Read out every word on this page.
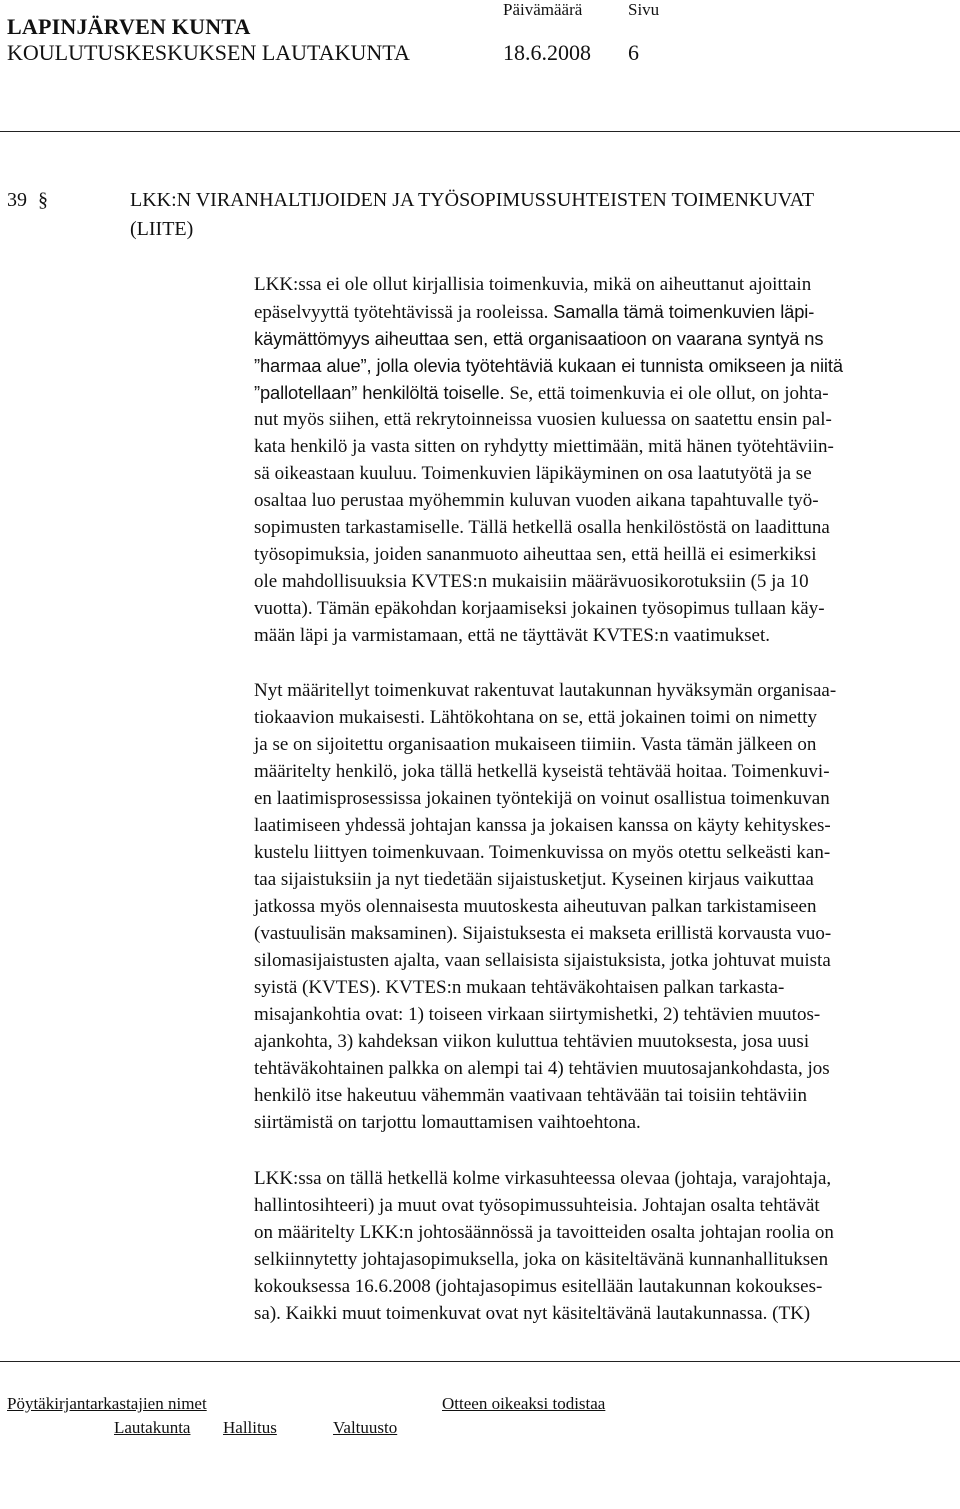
Päivämäärä	Sivu
LAPINJÄRVEN KUNTA
KOULUTUSKESKUKSEN LAUTAKUNTA	18.6.2008 6
39 §	LKK:N VIRANHALTIJOIDEN JA TYÖSOPIMUSSUHTEISTEN TOIMENKUVAT
(LIITE)
LKK:ssa ei ole ollut kirjallisia toimenkuvia, mikä on aiheuttanut ajoittain
epäselvyyttä työtehtävissä ja rooleissa. Samalla tämä toimenkuvien läpi-
käymättömyys aiheuttaa sen, että organisaatioon on vaarana syntyä ns
”harmaa alue”, jolla olevia työtehtäviä kukaan ei tunnista omikseen ja niitä
”pallotellaan” henkilöltä toiselle. Se, että toimenkuvia ei ole ollut, on johta-
nut myös siihen, että rekrytoinneissa vuosien kuluessa on saatettu ensin pal-
kata henkilö ja vasta sitten on ryhdytty miettimään, mitä hänen työtehtäviin-
sä oikeastaan kuuluu. Toimenkuvien läpikäyminen on osa laatutyötä ja se
osaltaa luo perustaa myöhemmin kuluvan vuoden aikana tapahtuvalle työ-
sopimusten tarkastamiselle. Tällä hetkellä osalla henkilöstöstä on laadittuna
työsopimuksia, joiden sananmuoto aiheuttaa sen, että heillä ei esimerkiksi
ole mahdollisuuksia KVTES:n mukaisiin määrävuosikorotuksiin (5 ja 10
vuotta). Tämän epäkohdan korjaamiseksi jokainen työsopimus tullaan käy-
mään läpi ja varmistamaan, että ne täyttävät KVTES:n vaatimukset.
Nyt määritellyt toimenkuvat rakentuvat lautakunnan hyväksymän organisaa-
tiokaavion mukaisesti. Lähtökohtana on se, että jokainen toimi on nimetty
ja se on sijoitettu organisaation mukaiseen tiimiin. Vasta tämän jälkeen on
määritelty henkilö, joka tällä hetkellä kyseistä tehtävää hoitaa. Toimenkuvi-
en laatimisprosessissa jokainen työntekijä on voinut osallistua toimenkuvan
laatimiseen yhdessä johtajan kanssa ja jokaisen kanssa on käyty kehityskes-
kustelu liittyen toimenkuvaan. Toimenkuvissa on myös otettu selkeästi kan-
taa sijaistuksiin ja nyt tiedetään sijaistusketjut. Kyseinen kirjaus vaikuttaa
jatkossa myös olennaisesta muutoskesta aiheutuvan palkan tarkistamiseen
(vastuulisän maksaminen). Sijaistuksesta ei makseta erillistä korvausta vuo-
silomasijaistusten ajalta, vaan sellaisista sijaistuksista, jotka johtuvat muista
syistä (KVTES). KVTES:n mukaan tehtäväkohtaisen palkan tarkasta-
misajankohtia ovat: 1) toiseen virkaan siirtymishetki, 2) tehtävien muutos-
ajankohta, 3) kahdeksan viikon kuluttua tehtävien muutoksesta, josa uusi
tehtäväkohtainen palkka on alempi tai 4) tehtävien muutosajankohdasta, jos
henkilö itse hakeutuu vähemmän vaativaan tehtävään tai toisiin tehtäviin
siirtämistä on tarjottu lomauttamisen vaihtoehtona.
LKK:ssa on tällä hetkellä kolme virkasuhteessa olevaa (johtaja, varajohtaja,
hallintosihteeri) ja muut ovat työsopimussuhteisia. Johtajan osalta tehtävät
on määritelty LKK:n johtosäännössä ja tavoitteiden osalta johtajan roolia on
selkiinnytetty johtajasopimuksella, joka on käsiteltävänä kunnanhallituksen
kokouksessa 16.6.2008 (johtajasopimus esitellään lautakunnan kokoukses-
sa). Kaikki muut toimenkuvat ovat nyt käsiteltävänä lautakunnassa. (TK)
Pöytäkirjantarkastajien nimet	Otteen oikeaksi todistaa
Lautakunta Hallitus	Valtuusto
